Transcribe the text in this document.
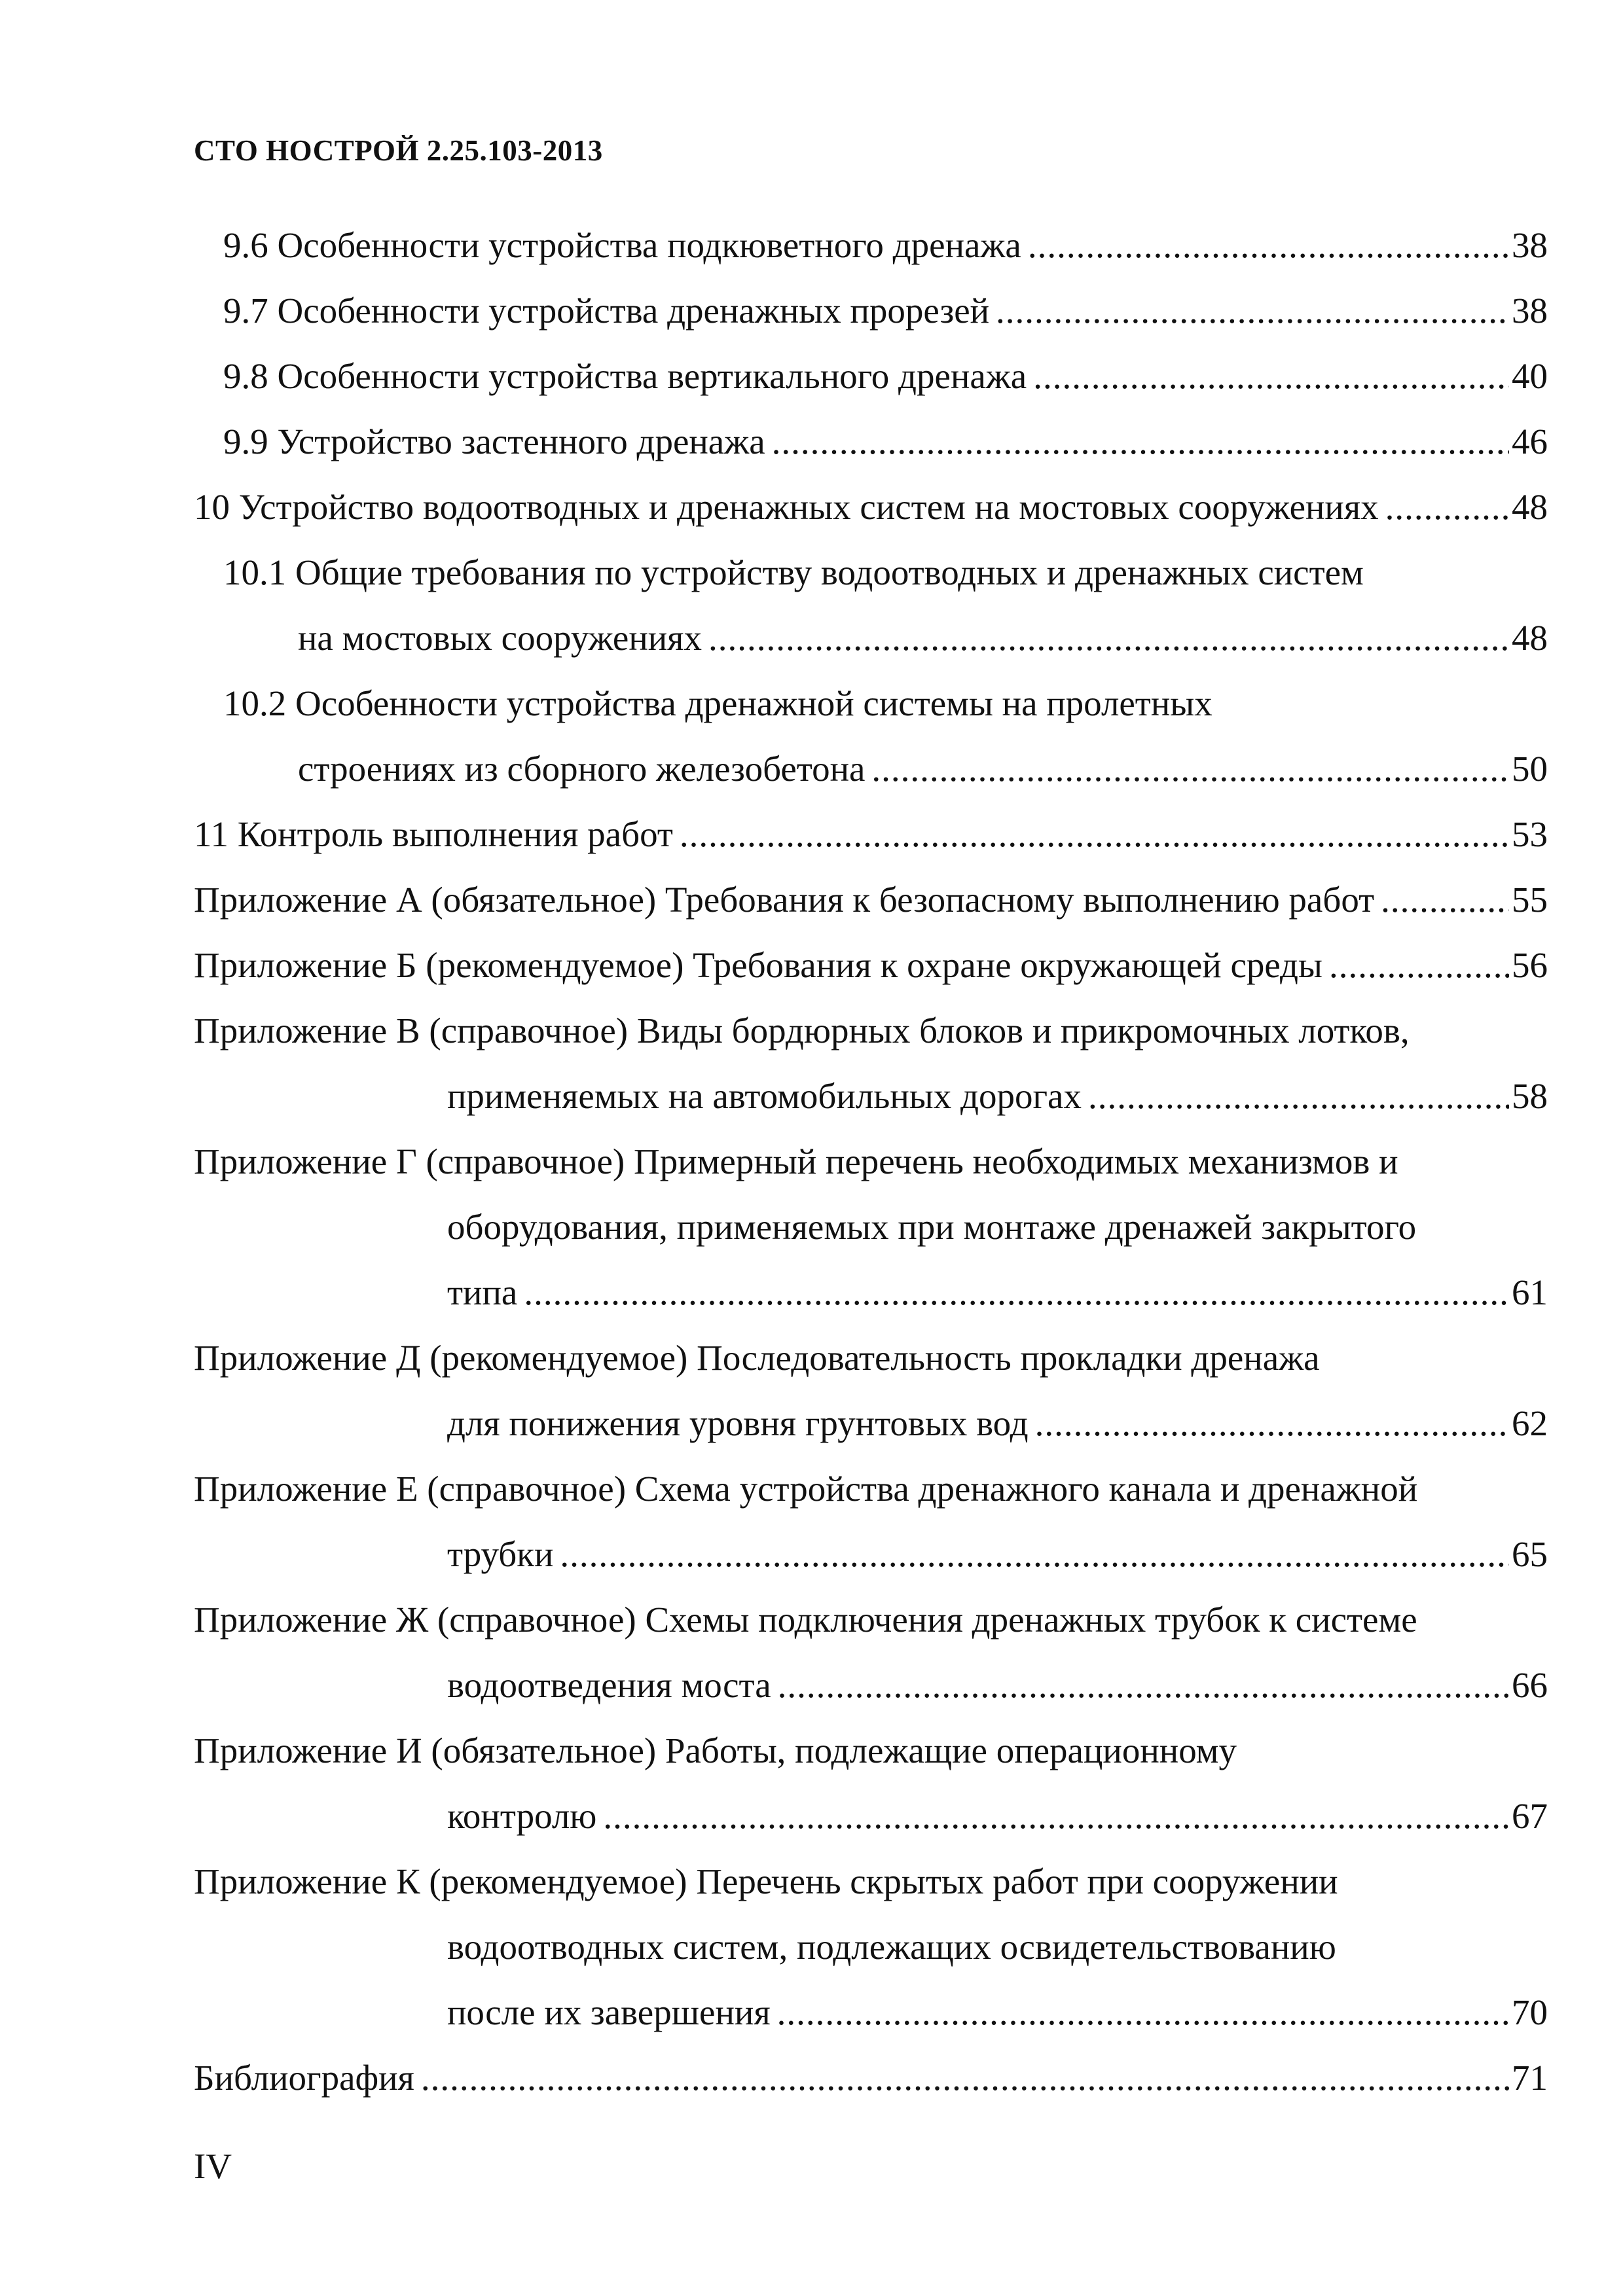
СТО НОСТРОЙ 2.25.103-2013
9.6 Особенности устройства подкюветного дренажа .....	38
9.7 Особенности устройства дренажных прорезей .....	38
9.8 Особенности устройства вертикального дренажа .....	40
9.9 Устройство застенного дренажа .....	46
10 Устройство водоотводных и дренажных систем на мостовых сооружениях .....	48
10.1 Общие требования по устройству водоотводных и дренажных систем
на мостовых сооружениях .....	48
10.2 Особенности устройства дренажной системы на пролетных
строениях из сборного железобетона .....	50
11 Контроль выполнения работ .....	53
Приложение А (обязательное) Требования к безопасному выполнению работ .....	55
Приложение Б (рекомендуемое) Требования к охране окружающей среды .....	56
Приложение В (справочное) Виды бордюрных блоков и прикромочных лотков,
применяемых на автомобильных дорогах .....	58
Приложение Г (справочное) Примерный перечень необходимых механизмов и
оборудования, применяемых при монтаже дренажей закрытого
типа .....	61
Приложение Д (рекомендуемое) Последовательность прокладки дренажа
для понижения уровня грунтовых вод .....	62
Приложение Е (справочное) Схема устройства дренажного канала и дренажной
трубки .....	65
Приложение Ж (справочное) Схемы подключения дренажных трубок к системе
водоотведения моста .....	66
Приложение И (обязательное) Работы, подлежащие операционному
контролю .....	67
Приложение К (рекомендуемое) Перечень скрытых работ при сооружении
водоотводных систем, подлежащих освидетельствованию
после их завершения .....	70
Библиография .....	71
IV
